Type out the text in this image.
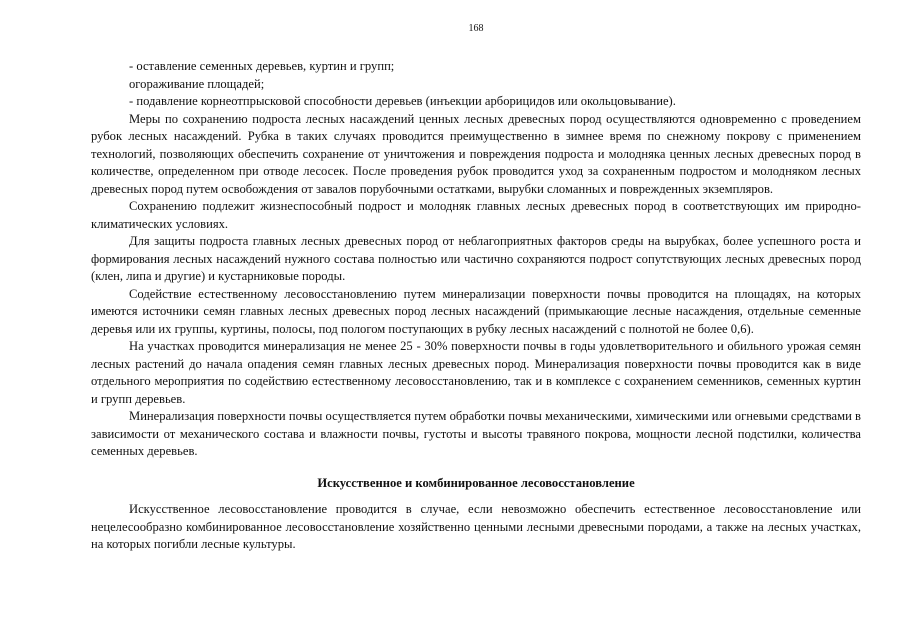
168
- оставление семенных деревьев, куртин и групп;
огораживание площадей;
- подавление корнеотпрысковой способности деревьев (инъекции арборицидов или окольцовывание).

Меры по сохранению подроста лесных насаждений ценных лесных древесных пород осуществляются одновременно с проведением рубок лесных насаждений. Рубка в таких случаях проводится преимущественно в зимнее время по снежному покрову с применением технологий, позволяющих обеспечить сохранение от уничтожения и повреждения подроста и молодняка ценных лесных древесных пород в количестве, определенном при отводе лесосек. После проведения рубок проводится уход за сохраненным подростом и молодняком лесных древесных пород путем освобождения от завалов порубочными остатками, вырубки сломанных и поврежденных экземпляров.

Сохранению подлежит жизнеспособный подрост и молодняк главных лесных древесных пород в соответствующих им природно-климатических условиях.

Для защиты подроста главных лесных древесных пород от неблагоприятных факторов среды на вырубках, более успешного роста и формирования лесных насаждений нужного состава полностью или частично сохраняются подрост сопутствующих лесных древесных пород (клен, липа и другие) и кустарниковые породы.

Содействие естественному лесовосстановлению путем минерализации поверхности почвы проводится на площадях, на которых имеются источники семян главных лесных древесных пород лесных насаждений (примыкающие лесные насаждения, отдельные семенные деревья или их группы, куртины, полосы, под пологом поступающих в рубку лесных насаждений с полнотой не более 0,6).

На участках проводится минерализация не менее 25 - 30% поверхности почвы в годы удовлетворительного и обильного урожая семян лесных растений до начала опадения семян главных лесных древесных пород. Минерализация поверхности почвы проводится как в виде отдельного мероприятия по содействию естественному лесовосстановлению, так и в комплексе с сохранением семенников, семенных куртин и групп деревьев.

Минерализация поверхности почвы осуществляется путем обработки почвы механическими, химическими или огневыми средствами в зависимости от механического состава и влажности почвы, густоты и высоты травяного покрова, мощности лесной подстилки, количества семенных деревьев.

Искусственное и комбинированное лесовосстановление

Искусственное лесовосстановление проводится в случае, если невозможно обеспечить естественное лесовосстановление или нецелесообразно комбинированное лесовосстановление хозяйственно ценными лесными древесными породами, а также на лесных участках, на которых погибли лесные культуры.
